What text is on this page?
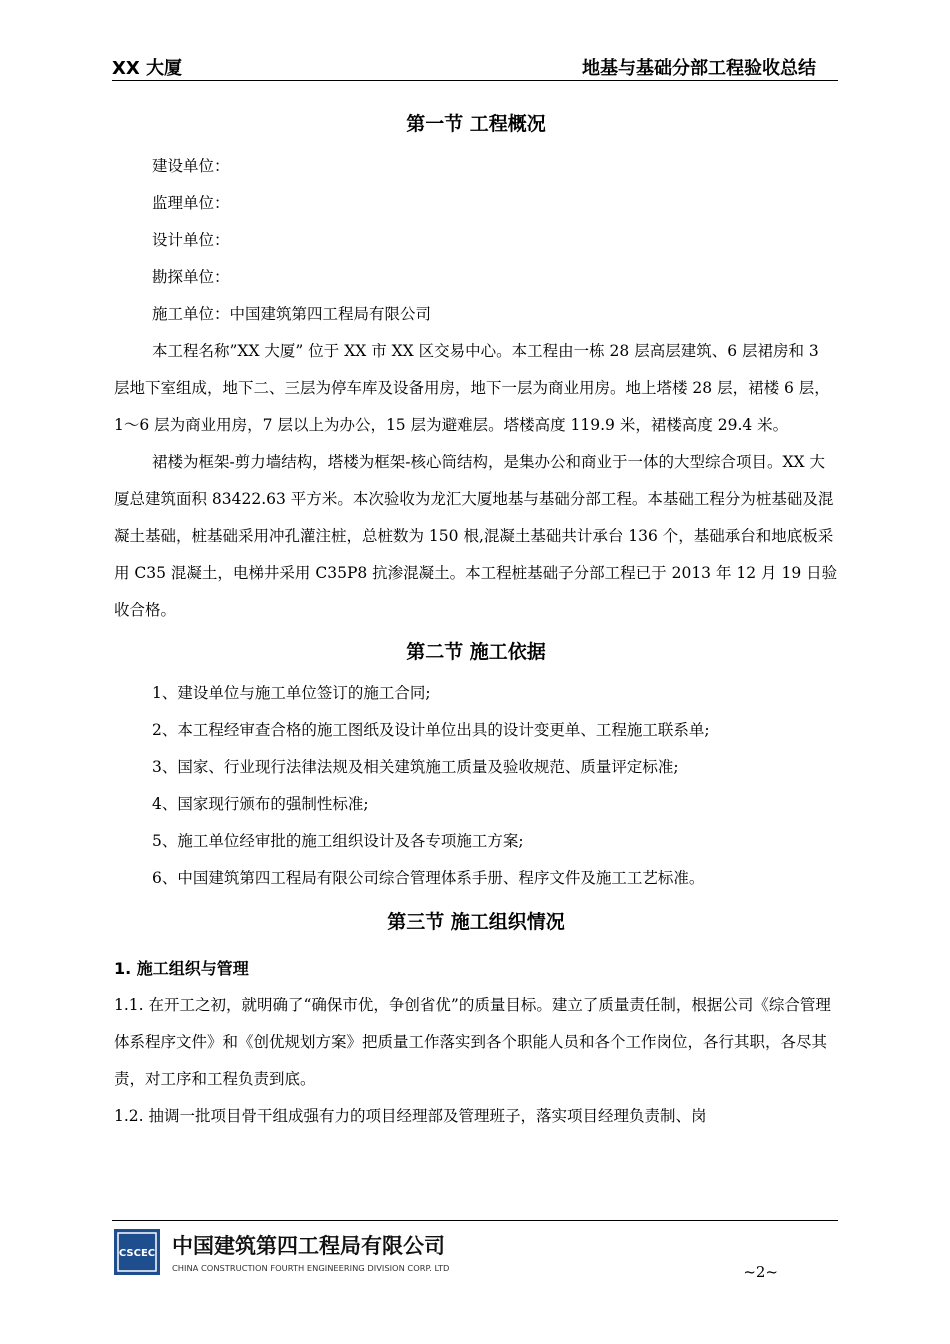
XX 大厦	地基与基础分部工程验收总结
第一节 工程概况

建设单位：

监理单位：

设计单位：

勘探单位：

施工单位：中国建筑第四工程局有限公司

本工程名称”XX 大厦” 位于 XX 市 XX 区交易中心。本工程由一栋 28 层高层建筑、6 层裙房和 3 层地下室组成，地下二、三层为停车库及设备用房，地下一层为商业用房。地上塔楼 28 层，裙楼 6 层，1～6 层为商业用房，7 层以上为办公，15 层为避难层。塔楼高度 119.9 米，裙楼高度 29.4 米。

裙楼为框架-剪力墙结构，塔楼为框架-核心筒结构，是集办公和商业于一体的大型综合项目。XX 大厦总建筑面积 83422.63 平方米。本次验收为龙汇大厦地基与基础分部工程。本基础工程分为桩基础及混凝土基础，桩基础采用冲孔灌注桩，总桩数为 150 根,混凝土基础共计承台 136 个，基础承台和地底板采用 C35 混凝土，电梯井采用 C35P8 抗渗混凝土。本工程桩基础子分部工程已于 2013 年 12 月 19 日验收合格。

第二节 施工依据

1、建设单位与施工单位签订的施工合同;

2、本工程经审查合格的施工图纸及设计单位出具的设计变更单、工程施工联系单;

3、国家、行业现行法律法规及相关建筑施工质量及验收规范、质量评定标准;

4、国家现行颁布的强制性标准;

5、施工单位经审批的施工组织设计及各专项施工方案;

6、中国建筑第四工程局有限公司综合管理体系手册、程序文件及施工工艺标准。

第三节 施工组织情况

1. 施工组织与管理

1.1. 在开工之初，就明确了“确保市优，争创省优”的质量目标。建立了质量责任制，根据公司《综合管理体系程序文件》和《创优规划方案》把质量工作落实到各个职能人员和各个工作岗位，各行其职，各尽其责，对工序和工程负责到底。

1.2. 抽调一批项目骨干组成强有力的项目经理部及管理班子，落实项目经理负责制、岗

CSCEC 中国建筑第四工程局有限公司
CHINA CONSTRUCTION FOURTH ENGINEERING DIVISION CORP. LTD	~2~
